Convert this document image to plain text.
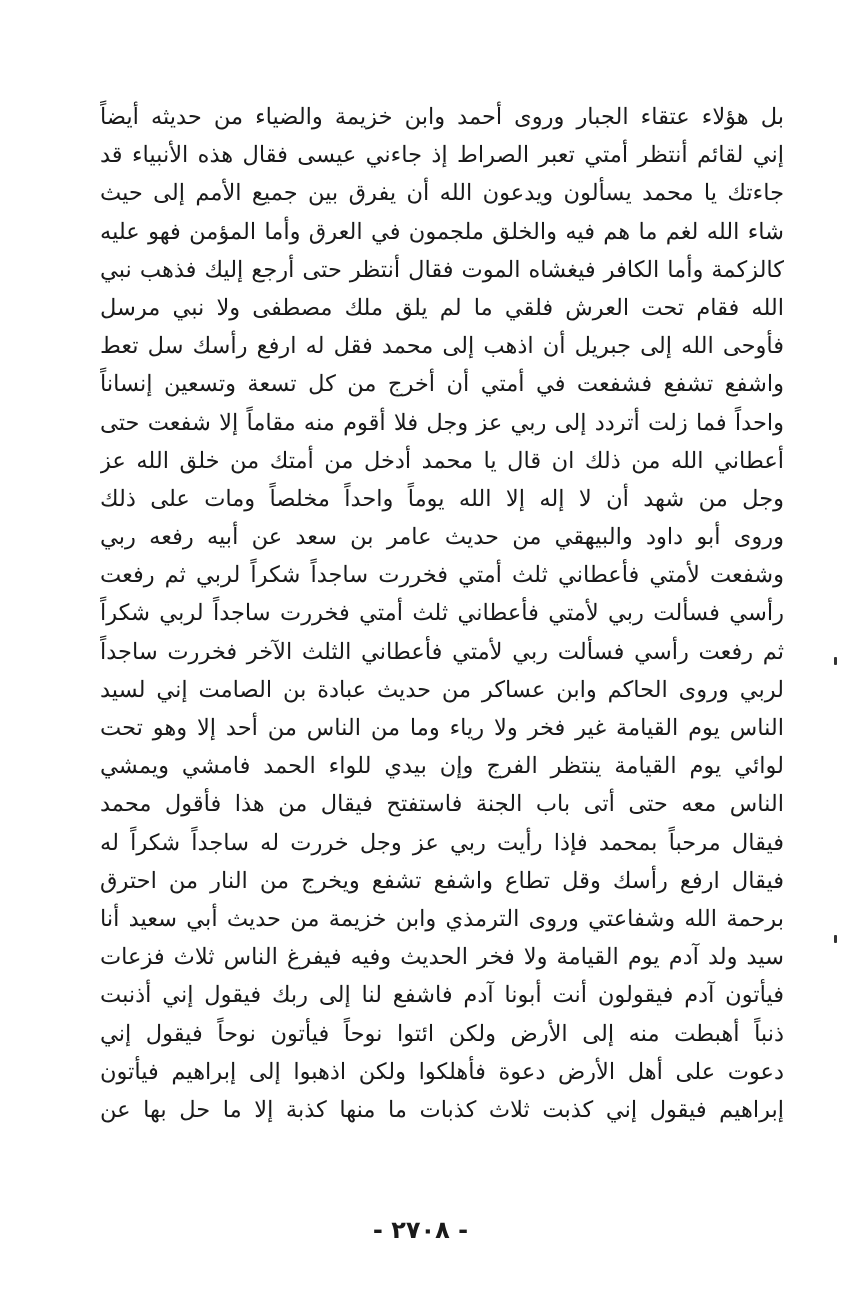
بل هؤلاء عتقاء الجبار وروى أحمد وابن خزيمة والضياء من حديثه أيضاً
إني لقائم أنتظر أمتي تعبر الصراط إذ جاءني عيسى فقال هذه الأنبياء قد
جاءتك يا محمد يسألون ويدعون الله أن يفرق بين جميع الأمم إلى حيث
شاء الله لغم ما هم فيه والخلق ملجمون في العرق وأما المؤمن فهو عليه
كالزكمة وأما الكافر فيغشاه الموت فقال أنتظر حتى أرجع إليك فذهب نبي
الله فقام تحت العرش فلقي ما لم يلق ملك مصطفى ولا نبي مرسل
فأوحى الله إلى جبريل أن اذهب إلى محمد فقل له ارفع رأسك سل تعط
واشفع تشفع فشفعت في أمتي أن أخرج من كل تسعة وتسعين إنساناً
واحداً فما زلت أتردد إلى ربي عز وجل فلا أقوم منه مقاماً إلا شفعت حتى
أعطاني الله من ذلك ان قال يا محمد أدخل من أمتك من خلق الله عز
وجل من شهد أن لا إله إلا الله يوماً واحداً مخلصاً ومات على ذلك
وروى أبو داود والبيهقي من حديث عامر بن سعد عن أبيه رفعه ربي
وشفعت لأمتي فأعطاني ثلث أمتي فخررت ساجداً شكراً لربي ثم رفعت
رأسي فسألت ربي لأمتي فأعطاني ثلث أمتي فخررت ساجداً لربي شكراً
ثم رفعت رأسي فسألت ربي لأمتي فأعطاني الثلث الآخر فخررت ساجداً
لربي وروى الحاكم وابن عساكر من حديث عبادة بن الصامت إني لسيد
الناس يوم القيامة غير فخر ولا رياء وما من الناس من أحد إلا وهو تحت
لوائي يوم القيامة ينتظر الفرج وإن بيدي للواء الحمد فامشي ويمشي
الناس معه حتى أتى باب الجنة فاستفتح فيقال من هذا فأقول محمد
فيقال مرحباً بمحمد فإذا رأيت ربي عز وجل خررت له ساجداً شكراً له
فيقال ارفع رأسك وقل تطاع واشفع تشفع ويخرج من النار من احترق
برحمة الله وشفاعتي وروى الترمذي وابن خزيمة من حديث أبي سعيد أنا
سيد ولد آدم يوم القيامة ولا فخر الحديث وفيه فيفرغ الناس ثلاث فزعات
فيأتون آدم فيقولون أنت أبونا آدم فاشفع لنا إلى ربك فيقول إني أذنبت
ذنباً أهبطت منه إلى الأرض ولكن ائتوا نوحاً فيأتون نوحاً فيقول إني
دعوت على أهل الأرض دعوة فأهلكوا ولكن اذهبوا إلى إبراهيم فيأتون
إبراهيم فيقول إني كذبت ثلاث كذبات ما منها كذبة إلا ما حل بها عن
- ٢٧٠٨ -
